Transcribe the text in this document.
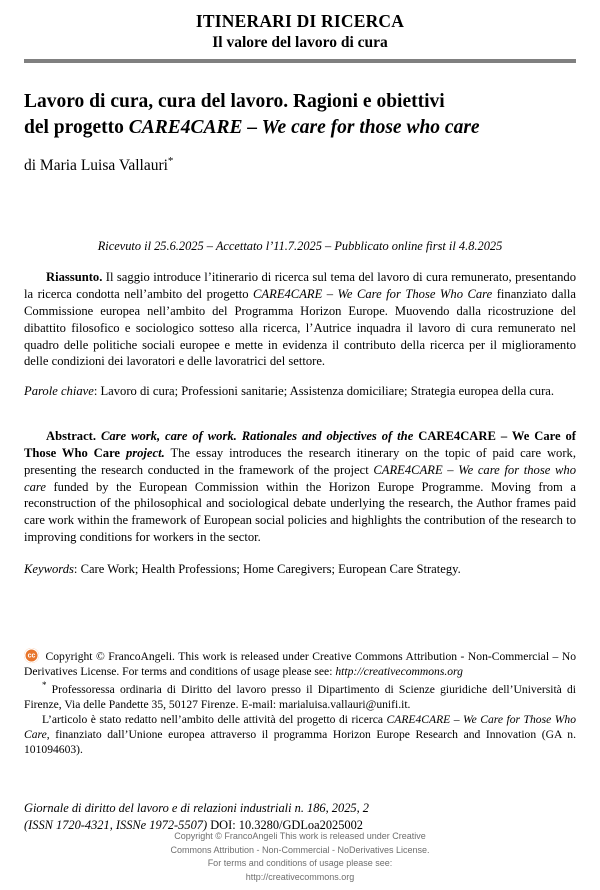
ITINERARI DI RICERCA
Il valore del lavoro di cura
Lavoro di cura, cura del lavoro. Ragioni e obiettivi
del progetto CARE4CARE – We care for those who care
di Maria Luisa Vallauri*
Ricevuto il 25.6.2025 – Accettato l’11.7.2025 – Pubblicato online first il 4.8.2025

Riassunto. Il saggio introduce l’itinerario di ricerca sul tema del lavoro di cura remunerato, presentando la ricerca condotta nell’ambito del progetto CARE4CARE – We Care for Those Who Care finanziato dalla Commissione europea nell’ambito del Programma Horizon Europe. Muovendo dalla ricostruzione del dibattito filosofico e sociologico sotteso alla ricerca, l’Autrice inquadra il lavoro di cura remunerato nel quadro delle politiche sociali europee e mette in evidenza il contributo della ricerca per il miglioramento delle condizioni dei lavoratori e delle lavoratrici del settore.

Parole chiave: Lavoro di cura; Professioni sanitarie; Assistenza domiciliare; Strategia europea della cura.

Abstract. Care work, care of work. Rationales and objectives of the CARE4CARE – We Care of Those Who Care project. The essay introduces the research itinerary on the topic of paid care work, presenting the research conducted in the framework of the project CARE4CARE – We care for those who care funded by the European Commission within the Horizon Europe Programme. Moving from a reconstruction of the philosophical and sociological debate underlying the research, the Author frames paid care work within the framework of European social policies and highlights the contribution of the research to improving conditions for workers in the sector.

Keywords: Care Work; Health Professions; Home Caregivers; European Care Strategy.
cc Copyright © FrancoAngeli. This work is released under Creative Commons Attribution - Non-Commercial – No Derivatives License. For terms and conditions of usage please see: http://creativecommons.org
* Professoressa ordinaria di Diritto del lavoro presso il Dipartimento di Scienze giuridiche dell’Università di Firenze, Via delle Pandette 35, 50127 Firenze. E-mail: marialuisa.vallauri@unifi.it.
L’articolo è stato redatto nell’ambito delle attività del progetto di ricerca CARE4CARE – We Care for Those Who Care, finanziato dall’Unione europea attraverso il programma Horizon Europe Research and Innovation (GA n. 101094603).
Giornale di diritto del lavoro e di relazioni industriali n. 186, 2025, 2
(ISSN 1720-4321, ISSNe 1972-5507) DOI: 10.3280/GDLoa2025002
Copyright © FrancoAngeli This work is released under Creative
Commons Attribution - Non-Commercial - NoDerivatives License.
For terms and conditions of usage please see:
http://creativecommons.org
